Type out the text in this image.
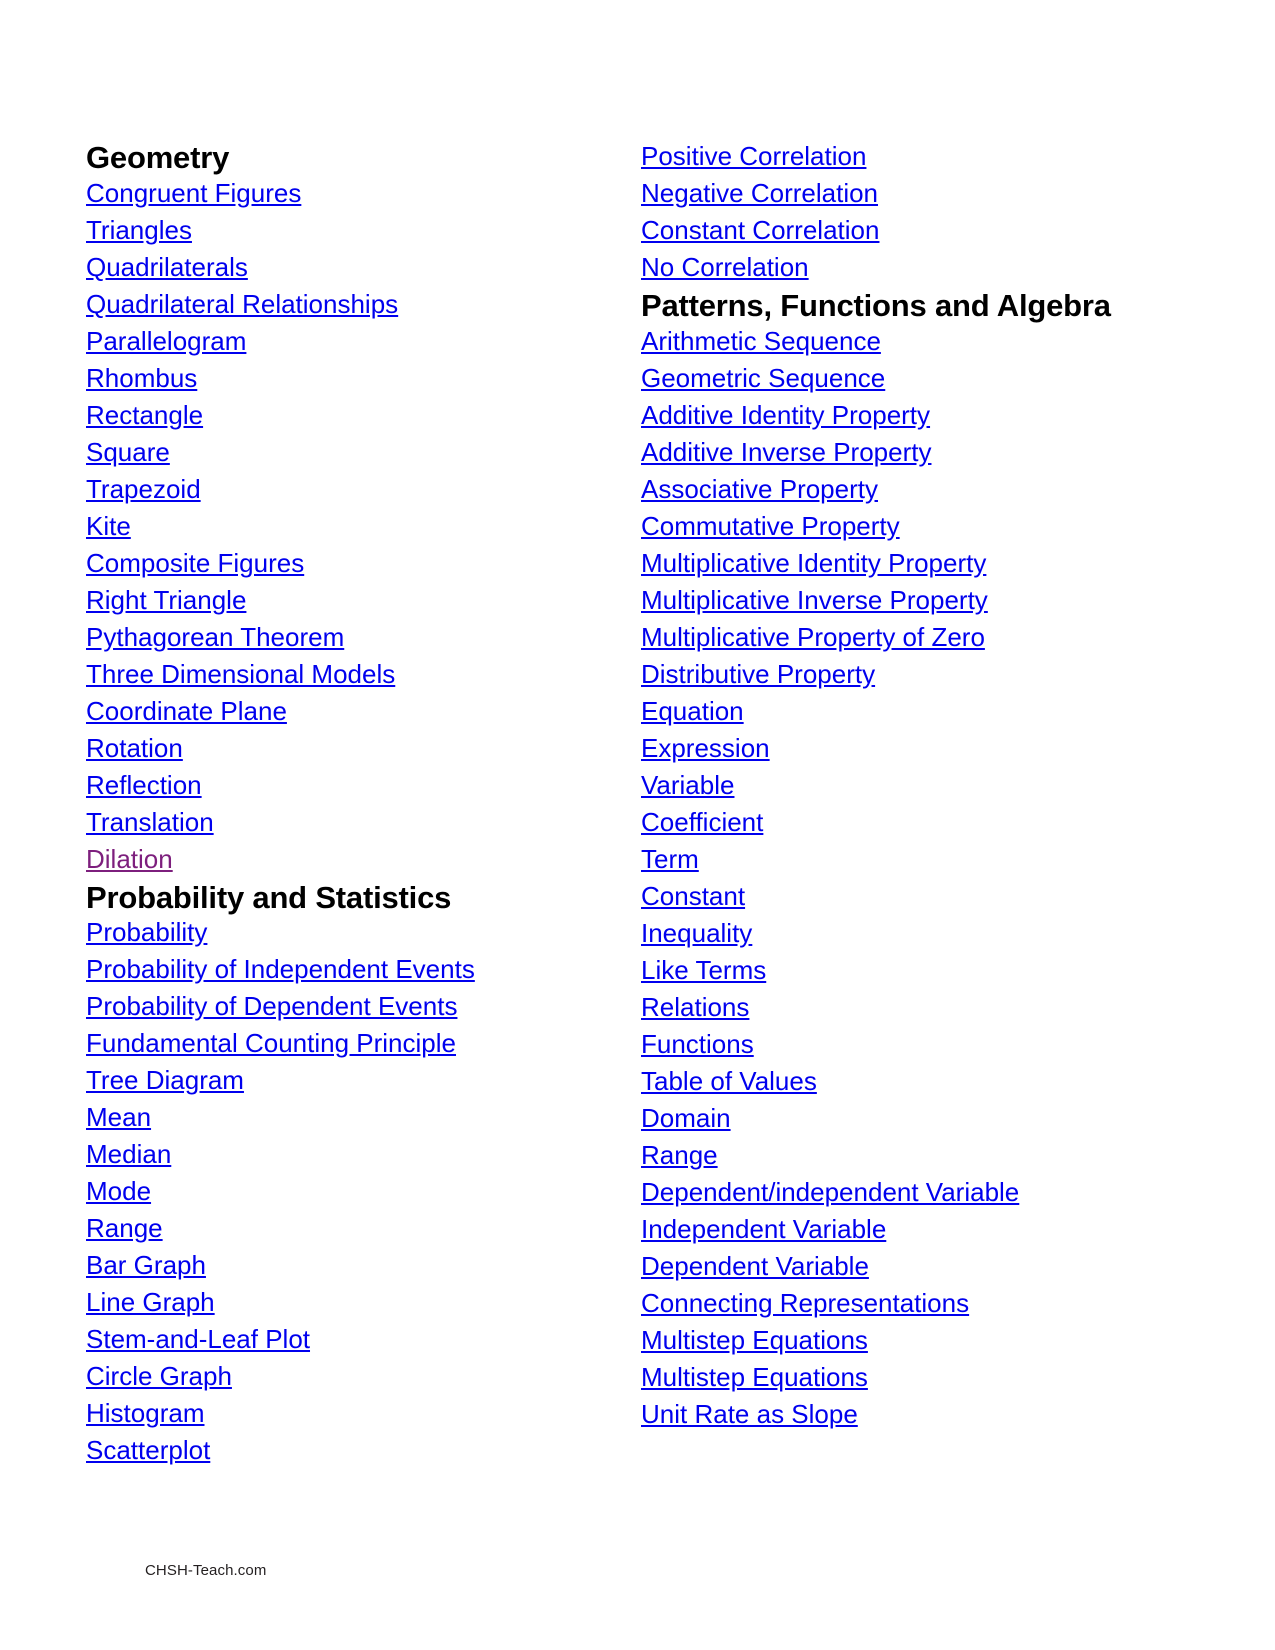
Geometry
Congruent Figures
Triangles
Quadrilaterals
Quadrilateral Relationships
Parallelogram
Rhombus
Rectangle
Square
Trapezoid
Kite
Composite Figures
Right Triangle
Pythagorean Theorem
Three Dimensional Models
Coordinate Plane
Rotation
Reflection
Translation
Dilation
Probability and Statistics
Probability
Probability of Independent Events
Probability of Dependent Events
Fundamental Counting Principle
Tree Diagram
Mean
Median
Mode
Range
Bar Graph
Line Graph
Stem-and-Leaf Plot
Circle Graph
Histogram
Scatterplot
Positive Correlation
Negative Correlation
Constant Correlation
No Correlation
Patterns, Functions and Algebra
Arithmetic Sequence
Geometric Sequence
Additive Identity Property
Additive Inverse Property
Associative Property
Commutative Property
Multiplicative Identity Property
Multiplicative Inverse Property
Multiplicative Property of Zero
Distributive Property
Equation
Expression
Variable
Coefficient
Term
Constant
Inequality
Like Terms
Relations
Functions
Table of Values
Domain
Range
Dependent/independent Variable
Independent Variable
Dependent Variable
Connecting Representations
Multistep Equations
Multistep Equations
Unit Rate as Slope
CHSH-Teach.com
